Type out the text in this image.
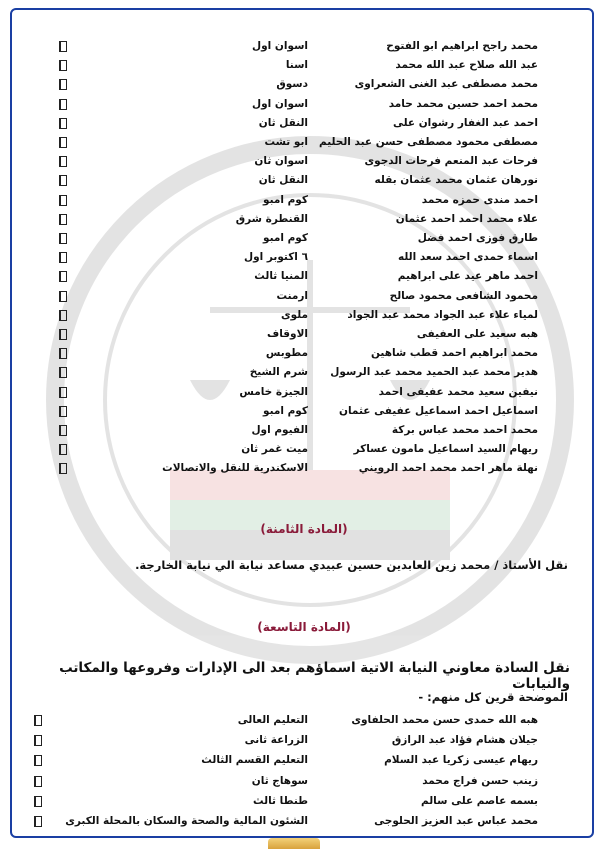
محمد راجح ابراهيم ابو الفتوح
اسوان اول
عبد الله صلاح عبد الله محمد
اسنا
محمد مصطفى عبد الغنى الشعراوى
دسوق
محمد احمد حسين محمد حامد
اسوان اول
احمد عبد الغفار رشوان على
النقل ثان
مصطفى محمود مصطفى حسن عبد الحليم
ابو تشت
فرحات عبد المنعم فرحات الدجوى
اسوان ثان
نورهان عثمان محمد عثمان بقله
النقل ثان
احمد مندى حمزه محمد
كوم امبو
علاء محمد احمد احمد عثمان
القنطرة شرق
طارق فوزى احمد فضل
كوم امبو
اسماء حمدى احمد سعد الله
٦ اكتوبر اول
احمد ماهر عيد على ابراهيم
المنيا ثالث
محمود الشافعى محمود صالح
ارمنت
لمياء علاء عبد الجواد محمد عبد الجواد
ملوى
هبه سعيد على العفيفى
الاوقاف
محمد ابراهيم احمد قطب شاهين
مطوبس
هدير محمد عبد الحميد محمد عبد الرسول
شرم الشيخ
نيفين سعيد محمد عفيفى احمد
الجيزة خامس
اسماعيل احمد اسماعيل عفيفى عثمان
كوم امبو
محمد احمد محمد عباس بركة
الفيوم اول
ريهام السيد اسماعيل مامون عساكر
ميت غمر ثان
نهلة ماهر احمد محمد احمد الرويني
الاسكندرية للنقل والاتصالات
(المادة الثامنة)
نقل الأستاذ / محمد زين العابدين حسين عبيدي مساعد نيابة الي نيابة الخارجة.
(المادة التاسعة)
نقل السادة معاوني النيابة الاتية اسماؤهم بعد الى الإدارات وفروعها والمكاتب والنيابات
الموضحة قرين كل منهم: -
هبه الله حمدى حسن محمد الحلفاوى
التعليم العالى
جيلان هشام فؤاد عبد الرازق
الزراعة ثانى
ريهام عيسى زكريا عبد السلام
التعليم القسم الثالث
زينب حسن فراج محمد
سوهاج ثان
بسمه عاصم على سالم
طنطا ثالث
محمد عباس عبد العزيز الحلوجى
الشئون المالية والصحة والسكان بالمحلة الكبرى
